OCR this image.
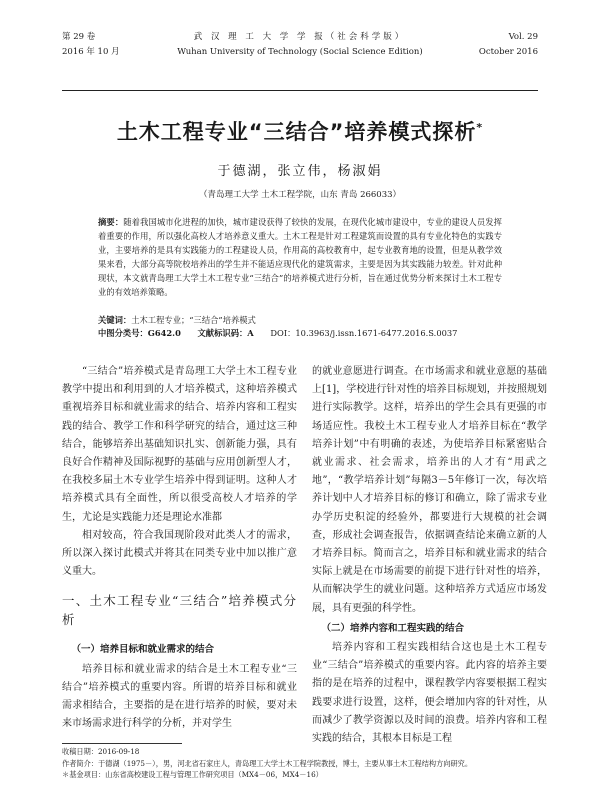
第 29 卷
2016 年 10 月
武 汉 理 工 大 学 学 报（社会科学版）
Wuhan University of Technology (Social Science Edition)
Vol. 29
October 2016
土木工程专业“三结合”培养模式探析*
于德湖，张立伟，杨淑娟
（青岛理工大学 土木工程学院，山东 青岛 266033）
摘要：随着我国城市化进程的加快，城市建设获得了较快的发展，在现代化城市建设中，专业的建设人员发挥着重要的作用，所以强化高校人才培养意义重大。土木工程是针对工程建筑而设置的具有专业化特色的实践专业，主要培养的是具有实践能力的工程建设人员，作用高的高校教育中，起专业教育地的设置，但是从教学效果来看，大部分高等院校培养出的学生并不能适应现代化的建筑需求，主要是因为其实践能力较差。针对此种现状，本文就青岛理工大学土木工程专业“三结合”的培养模式进行分析，旨在通过优势分析来探讨土木工程专业的有效培养策略。
关键词：土木工程专业；“三结合”培养模式
中图分类号：G642.0 文献标识码：A DOI：10.3963/j.issn.1671-6477.2016.S.0037

“三结合”培养模式是青岛理工大学土木工程专业教学中提出和利用到的人才培养模式，这种培养模式重视培养目标和就业需求的结合、培养内容和工程实践的结合、教学工作和科学研究的结合，通过这三种结合，能够培养出基础知识扎实、创新能力强，具有良好合作精神及国际视野的基础与应用创新型人才，在我校多届土木专业学生培养中得到证明。这种人才培养模式具有全面性，所以很受高校人才培养的学生，尤论是实践能力还是理论水准都

相对较高，符合我国现阶段对此类人才的需求，所以深入探讨此模式并将其在同类专业中加以推广意义重大。

一、土木工程专业“三结合”培养模式分析

（一）培养目标和就业需求的结合

培养目标和就业需求的结合是土木工程专业“三结合”培养模式的重要内容。所谓的培养目标和就业需求相结合，主要指的是在进行培养的时候，要对未来市场需求进行科学的分析，并对学生

的就业意愿进行调查。在市场需求和就业意愿的基础上[1]，学校进行针对性的培养目标规划，并按照规划进行实际教学。这样，培养出的学生会具有更强的市场适应性。我校土木工程专业人才培养目标在“教学培养计划”中有明确的表述，为使培养目标紧密贴合就业需求、社会需求，培养出的人才有“用武之地”，“教学培养计划”每隔3－5年修订一次，每次培养计划中人才培养目标的修订和确立，除了需求专业办学历史积淀的经验外，都要进行大规模的社会调查，形成社会调查报告，依据调查结论来确立新的人才培养目标。简而言之，培养目标和就业需求的结合实际上就是在市场需要的前提下进行针对性的培养，从而解决学生的就业问题。这种培养方式适应市场发展，具有更强的科学性。

（二）培养内容和工程实践的结合

培养内容和工程实践相结合这也是土木工程专业“三结合”培养模式的重要内容。此内容的培养主要指的是在培养的过程中，课程教学内容要根据工程实践要求进行设置，这样，便会增加内容的针对性，从而减少了教学资源以及时间的浪费。培养内容和工程实践的结合，其根本目标是工程

收稿日期：2016-09-18

作者简介：于德湖（1975－），男，河北省石家庄人，青岛理工大学土木工程学院教授，博士，主要从事土木工程结构方向研究。

＊基金项目：山东省高校建设工程与管理工作研究项目（MX4－06，MX4－16）
